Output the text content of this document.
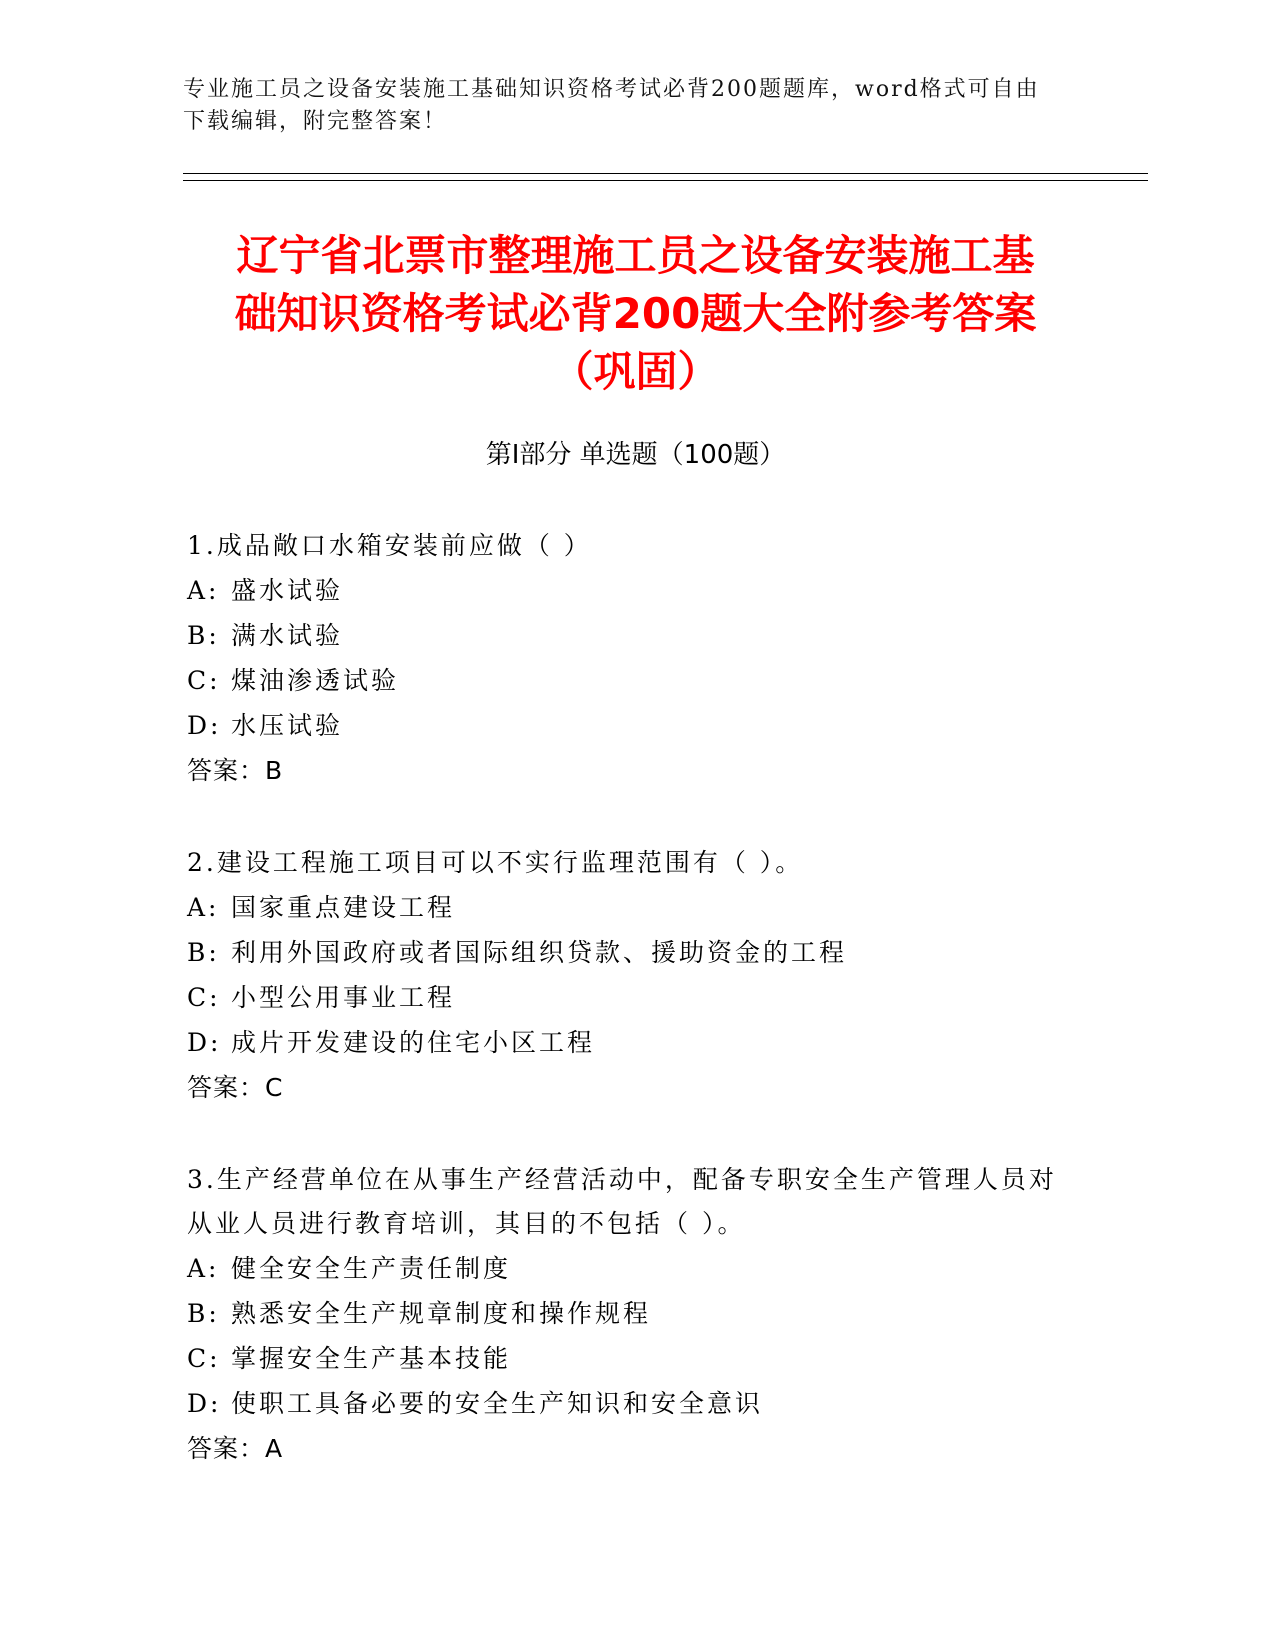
专业施工员之设备安装施工基础知识资格考试必背200题题库，word格式可自由下载编辑，附完整答案！
辽宁省北票市整理施工员之设备安装施工基
础知识资格考试必背200题大全附参考答案
（巩固）
第Ⅰ部分 单选题（100题）

1.成品敞口水箱安装前应做（ ）

A: 盛水试验

B: 满水试验

C: 煤油渗透试验

D: 水压试验

答案：B

2.建设工程施工项目可以不实行监理范围有（ ）。

A: 国家重点建设工程

B: 利用外国政府或者国际组织贷款、援助资金的工程

C: 小型公用事业工程

D: 成片开发建设的住宅小区工程

答案：C

3.生产经营单位在从事生产经营活动中，配备专职安全生产管理人员对从业人员进行教育培训，其目的不包括（ ）。

A: 健全安全生产责任制度

B: 熟悉安全生产规章制度和操作规程

C: 掌握安全生产基本技能

D: 使职工具备必要的安全生产知识和安全意识

答案：A
